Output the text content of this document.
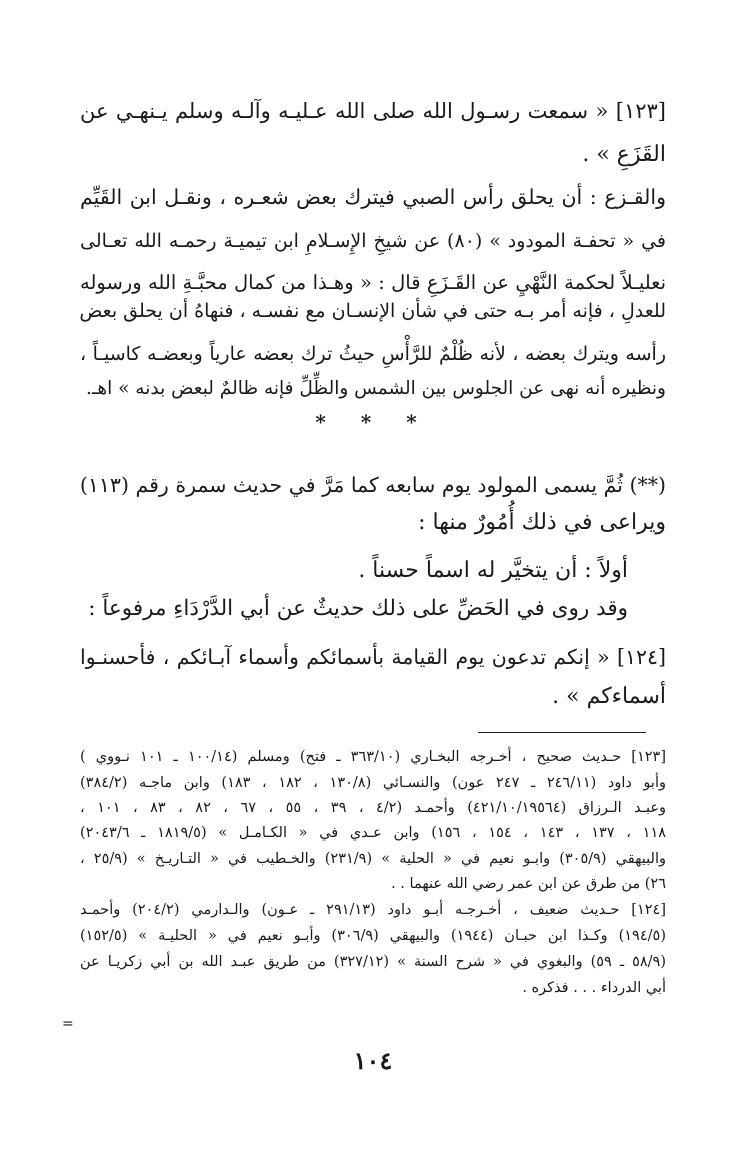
[١٢٣] « سمعت رسـول الله صلى الله عـليـه وآلـه وسلم يـنهـي عن
القَزَعِ » .
والقـزع : أن يحلق رأس الصبي فيترك بعض شعـره ، ونقـل ابن القَيِّم
في « تحفـة المودود » (٨٠) عن شيخِ الإِسـلامِ ابن تيميـة رحمـه الله تعـالى
نعليـلاً لحكمة النَّهْيِ عن القَـزَعِ قال : « وهـذا من كمال محبَّـةِ الله ورسوله
للعدلِ ، فإنه أمر بـه حتى في شأن الإنسـان مع نفسـه ، فنهاهُ أن يحلق بعض
رأسه ويترك بعضه ، لأنه ظُلْمٌ للرَّأْسِ حيثُ ترك بعضه عارياً وبعضـه كاسيـاً ،
ونظيره أنه نهى عن الجلوس بين الشمس والظِّلِّ فإنه ظالمٌ لبعض بدنه » اهـ.
* * *
(**) ثُمَّ يسمى المولود يوم سابعه كما مَرَّ في حديث سمرة رقم (١١٣)
ويراعى في ذلك أُمُورٌ منها :
أولاً : أن يتخيَّر له اسماً حسناً .
وقد روى في الحَضِّ على ذلك حديثٌ عن أبي الدَّرْدَاءِ مرفوعاً :
[١٢٤] « إنكم تدعون يوم القيامة بأسمائكم وأسماء آبـائكم ، فأحسنـوا
أسماءكم » .
[١٢٣] حـديث صحيح ، أخـرجه البخـاري (٣٦٣/١٠ ـ فتح) ومسلم (١٠٠/١٤ ـ ١٠١ نـووي )
وأبو داود (٢٤٦/١١ ـ ٢٤٧ عون) والنسـائي (١٣٠/٨ ، ١٨٢ ، ١٨٣) وابن ماجـه (٣٨٤/٢)
وعبـد الـرزاق (٤٢١/١٠/١٩٥٦٤) وأحمـد (٤/٢ ، ٣٩ ، ٥٥ ، ٦٧ ، ٨٢ ، ٨٣ ، ١٠١ ،
١١٨ ، ١٣٧ ، ١٤٣ ، ١٥٤ ، ١٥٦) وابن عـدي في « الكـامـل » (١٨١٩/٥ ـ ٢٠٤٣/٦)
والبيهقي (٣٠٥/٩) وابـو نعيم في « الحلية » (٢٣١/٩) والخـطيب في « التـاريـخ » (٢٥/٩ ،
٢٦) من طرق عن ابن عمر رضي الله عنهما . .
[١٢٤] حـديث ضعيف ، أخـرجـه أبـو داود (٢٩١/١٣ ـ عـون) والـدارمي (٢٠٤/٢) وأحمـد
(١٩٤/٥) وكـذا ابن حبـان (١٩٤٤) والبيهقي (٣٠٦/٩) وأبـو نعيم في « الحليـة » (١٥٢/٥)
(٥٨/٩ ـ ٥٩) والبغوي في « شرح السنة » (٣٢٧/١٢) من طريق عبـد الله بن أبي زكريـا عن
أبي الدرداء . . . فذكره .
=
١٠٤
